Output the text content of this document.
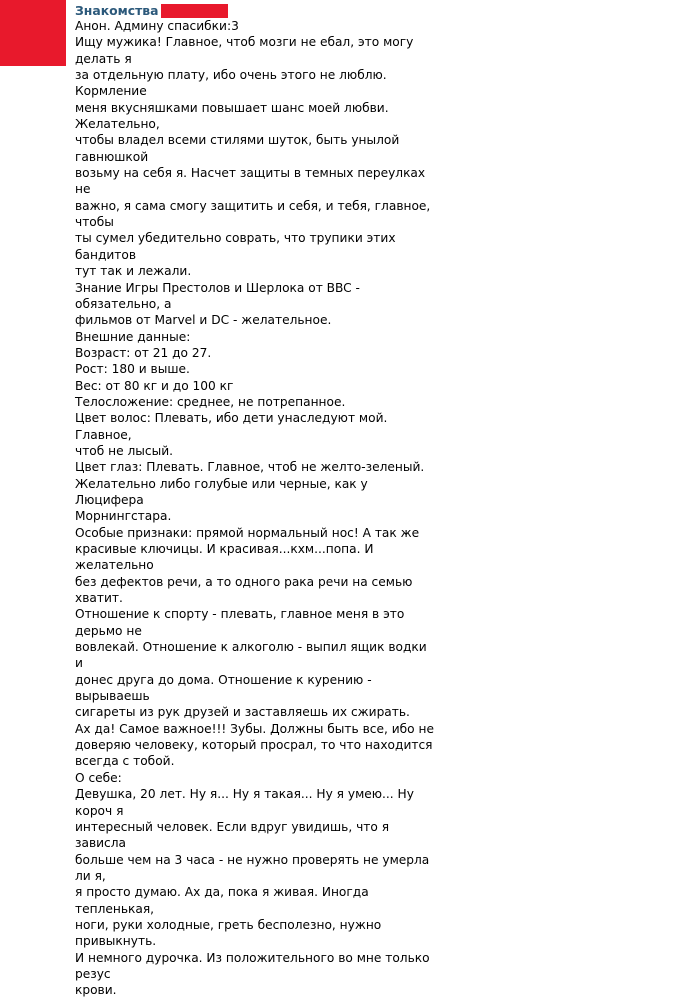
Знакомства
Анон. Админу спасибки:3
Ищу мужика! Главное, чтоб мозги не ебал, это могу делать я
за отдельную плату, ибо очень этого не люблю. Кормление
меня вкусняшками повышает шанс моей любви. Желательно,
чтобы владел всеми стилями шуток, быть унылой гавнюшкой
возьму на себя я. Насчет защиты в темных переулках не
важно, я сама смогу защитить и себя, и тебя, главное, чтобы
ты сумел убедительно соврать, что трупики этих бандитов
тут так и лежали.
Знание Игры Престолов и Шерлока от BBC - обязательно, а
фильмов от Marvel и DC - желательное.
Внешние данные:
Возраст: от 21 до 27.
Рост: 180 и выше.
Вес: от 80 кг и до 100 кг
Телосложение: среднее, не потрепанное.
Цвет волос: Плевать, ибо дети унаследуют мой. Главное,
чтоб не лысый.
Цвет глаз: Плевать. Главное, чтоб не желто-зеленый.
Желательно либо голубые или черные, как у Люцифера
Морнингстара.
Особые признаки: прямой нормальный нос! А так же
красивые ключицы. И красивая...кхм...попа. И желательно
без дефектов речи, а то одного рака речи на семью хватит.
Отношение к спорту - плевать, главное меня в это дерьмо не
вовлекай. Отношение к алкоголю - выпил ящик водки и
донес друга до дома. Отношение к курению - вырываешь
сигареты из рук друзей и заставляешь их сжирать.
Ах да! Самое важное!!! Зубы. Должны быть все, ибо не
доверяю человеку, который просрал, то что находится
всегда с тобой.
О себе:
Девушка, 20 лет. Ну я... Ну я такая... Ну я умею... Ну короч я
интересный человек. Если вдруг увидишь, что я зависла
больше чем на 3 часа - не нужно проверять не умерла ли я,
я просто думаю. Ах да, пока я живая. Иногда тепленькая,
ноги, руки холодные, греть бесполезно, нужно привыкнуть.
И немного дурочка. Из положительного во мне только резус
крови.
